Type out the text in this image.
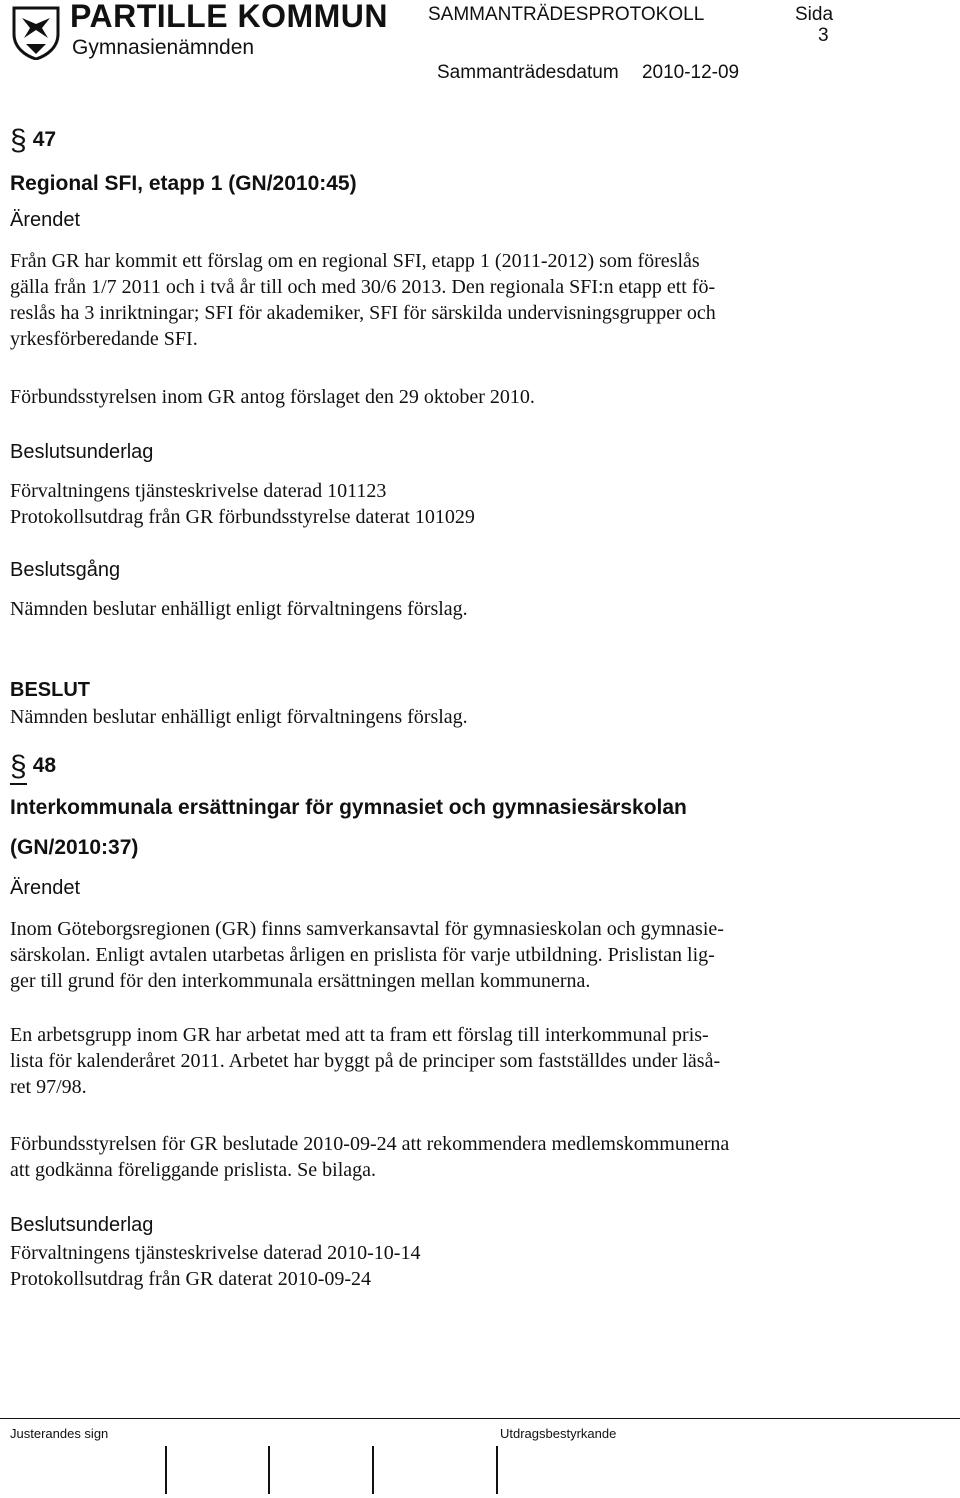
PARTILLE KOMMUN
Gymnasienämnden
SAMMANTRÄDESPROTOKOLL	Sida
3
Sammanträdesdatum 2010-12-09
§ 47
Regional SFI, etapp 1 (GN/2010:45)
Ärendet

Från GR har kommit ett förslag om en regional SFI, etapp 1 (2011-2012) som föreslås

gälla från 1/7 2011 och i två år till och med 30/6 2013. Den regionala SFI:n etapp ett fö-

reslås ha 3 inriktningar; SFI för akademiker, SFI för särskilda undervisningsgrupper och

yrkesförberedande SFI.

Förbundsstyrelsen inom GR antog förslaget den 29 oktober 2010.
Beslutsunderlag

Förvaltningens tjänsteskrivelse daterad 101123

Protokollsutdrag från GR förbundsstyrelse daterat 101029

Beslutsgång
Nämnden beslutar enhälligt enligt förvaltningens förslag.
BESLUT
Nämnden beslutar enhälligt enligt förvaltningens förslag.
§ 48
Interkommunala ersättningar för gymnasiet och gymnasiesärskolan
(GN/2010:37)
Ärendet

Inom Göteborgsregionen (GR) finns samverkansavtal för gymnasieskolan och gymnasie-

särskolan. Enligt avtalen utarbetas årligen en prislista för varje utbildning. Prislistan lig-

ger till grund för den interkommunala ersättningen mellan kommunerna.

En arbetsgrupp inom GR har arbetat med att ta fram ett förslag till interkommunal pris-

lista för kalenderåret 2011. Arbetet har byggt på de principer som fastställdes under läså-

ret 97/98.

Förbundsstyrelsen för GR beslutade 2010-09-24 att rekommendera medlemskommunerna

att godkänna föreliggande prislista. Se bilaga.

Beslutsunderlag

Förvaltningens tjänsteskrivelse daterad 2010-10-14

Protokollsutdrag från GR daterat 2010-09-24

Justerandes sign	Utdragsbestyrkande
